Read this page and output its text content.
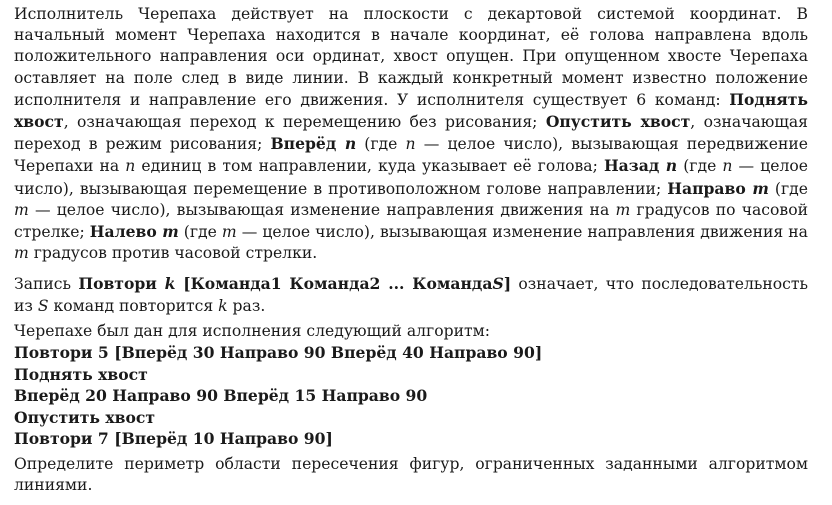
Исполнитель Черепаха действует на плоскости с декартовой системой координат. В начальный момент Черепаха находится в начале координат, её голова направлена вдоль положительного направления оси ординат, хвост опущен. При опущенном хвосте Черепаха оставляет на поле след в виде линии. В каждый конкретный момент известно положение исполнителя и направление его движения. У исполнителя существует 6 команд: Поднять хвост, означающая переход к перемещению без рисования; Опустить хвост, означающая переход в режим рисования; Вперёд n (где n — целое число), вызывающая передвижение Черепахи на n единиц в том направлении, куда указывает её голова; Назад n (где n — целое число), вызывающая перемещение в противоположном голове направлении; Направо m (где m — целое число), вызывающая изменение направления движения на m градусов по часовой стрелке; Налево m (где m — целое число), вызывающая изменение направления движения на m градусов против часовой стрелки.

Запись Повтори k [Команда1 Команда2 ... КомандаS] означает, что последовательность из S команд повторится k раз.

Черепахе был дан для исполнения следующий алгоритм:

Повтори 5 [Вперёд 30 Направо 90 Вперёд 40 Направо 90]

Поднять хвост

Вперёд 20 Направо 90 Вперёд 15 Направо 90

Опустить хвост

Повтори 7 [Вперёд 10 Направо 90]

Определите периметр области пересечения фигур, ограниченных заданными алгоритмом линиями.
